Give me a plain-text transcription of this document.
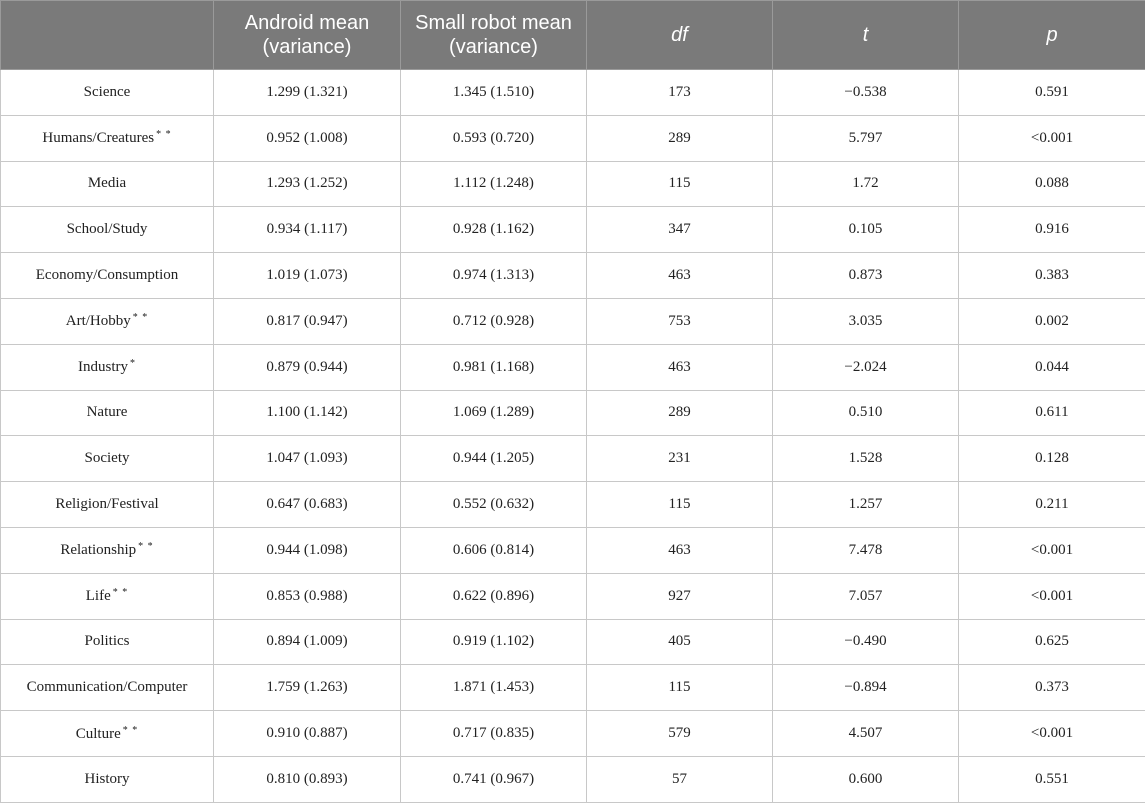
	Android mean (variance)	Small robot mean (variance)	df	t	p
Science	1.299 (1.321)	1.345 (1.510)	173	−0.538	0.591
Humans/Creatures * *	0.952 (1.008)	0.593 (0.720)	289	5.797	<0.001
Media	1.293 (1.252)	1.112 (1.248)	115	1.72	0.088
School/Study	0.934 (1.117)	0.928 (1.162)	347	0.105	0.916
Economy/Consumption	1.019 (1.073)	0.974 (1.313)	463	0.873	0.383
Art/Hobby * *	0.817 (0.947)	0.712 (0.928)	753	3.035	0.002
Industry *	0.879 (0.944)	0.981 (1.168)	463	−2.024	0.044
Nature	1.100 (1.142)	1.069 (1.289)	289	0.510	0.611
Society	1.047 (1.093)	0.944 (1.205)	231	1.528	0.128
Religion/Festival	0.647 (0.683)	0.552 (0.632)	115	1.257	0.211
Relationship * *	0.944 (1.098)	0.606 (0.814)	463	7.478	<0.001
Life * *	0.853 (0.988)	0.622 (0.896)	927	7.057	<0.001
Politics	0.894 (1.009)	0.919 (1.102)	405	−0.490	0.625
Communication/Computer	1.759 (1.263)	1.871 (1.453)	115	−0.894	0.373
Culture * *	0.910 (0.887)	0.717 (0.835)	579	4.507	<0.001
History	0.810 (0.893)	0.741 (0.967)	57	0.600	0.551
